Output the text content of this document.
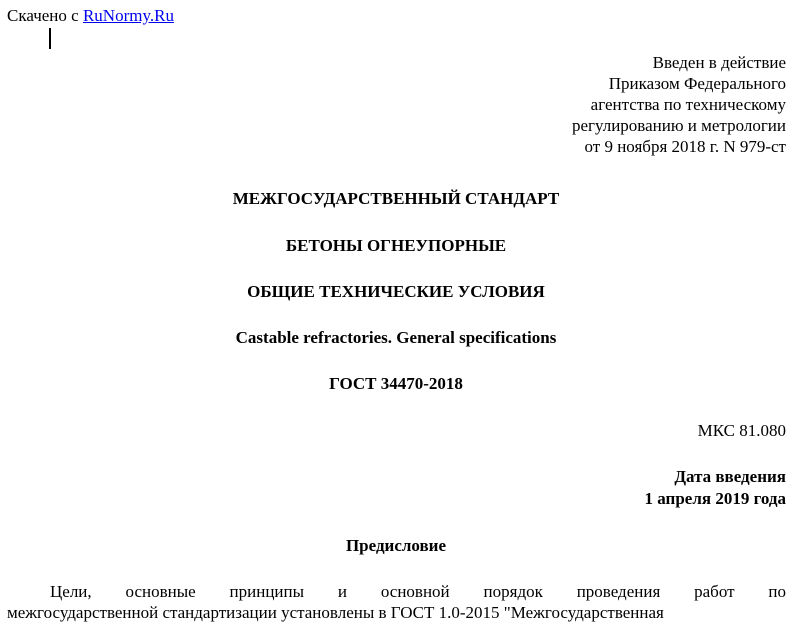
Скачено с RuNormy.Ru
Введен в действие
Приказом Федерального
агентства по техническому
регулированию и метрологии
от 9 ноября 2018 г. N 979-ст
МЕЖГОСУДАРСТВЕННЫЙ СТАНДАРТ
БЕТОНЫ ОГНЕУПОРНЫЕ
ОБЩИЕ ТЕХНИЧЕСКИЕ УСЛОВИЯ
Castable refractories. General specifications
ГОСТ 34470-2018
МКС 81.080
Дата введения
1 апреля 2019 года
Предисловие
Цели, основные принципы и основной порядок проведения работ по
межгосударственной стандартизации установлены в ГОСТ 1.0-2015 "Межгосударственная
